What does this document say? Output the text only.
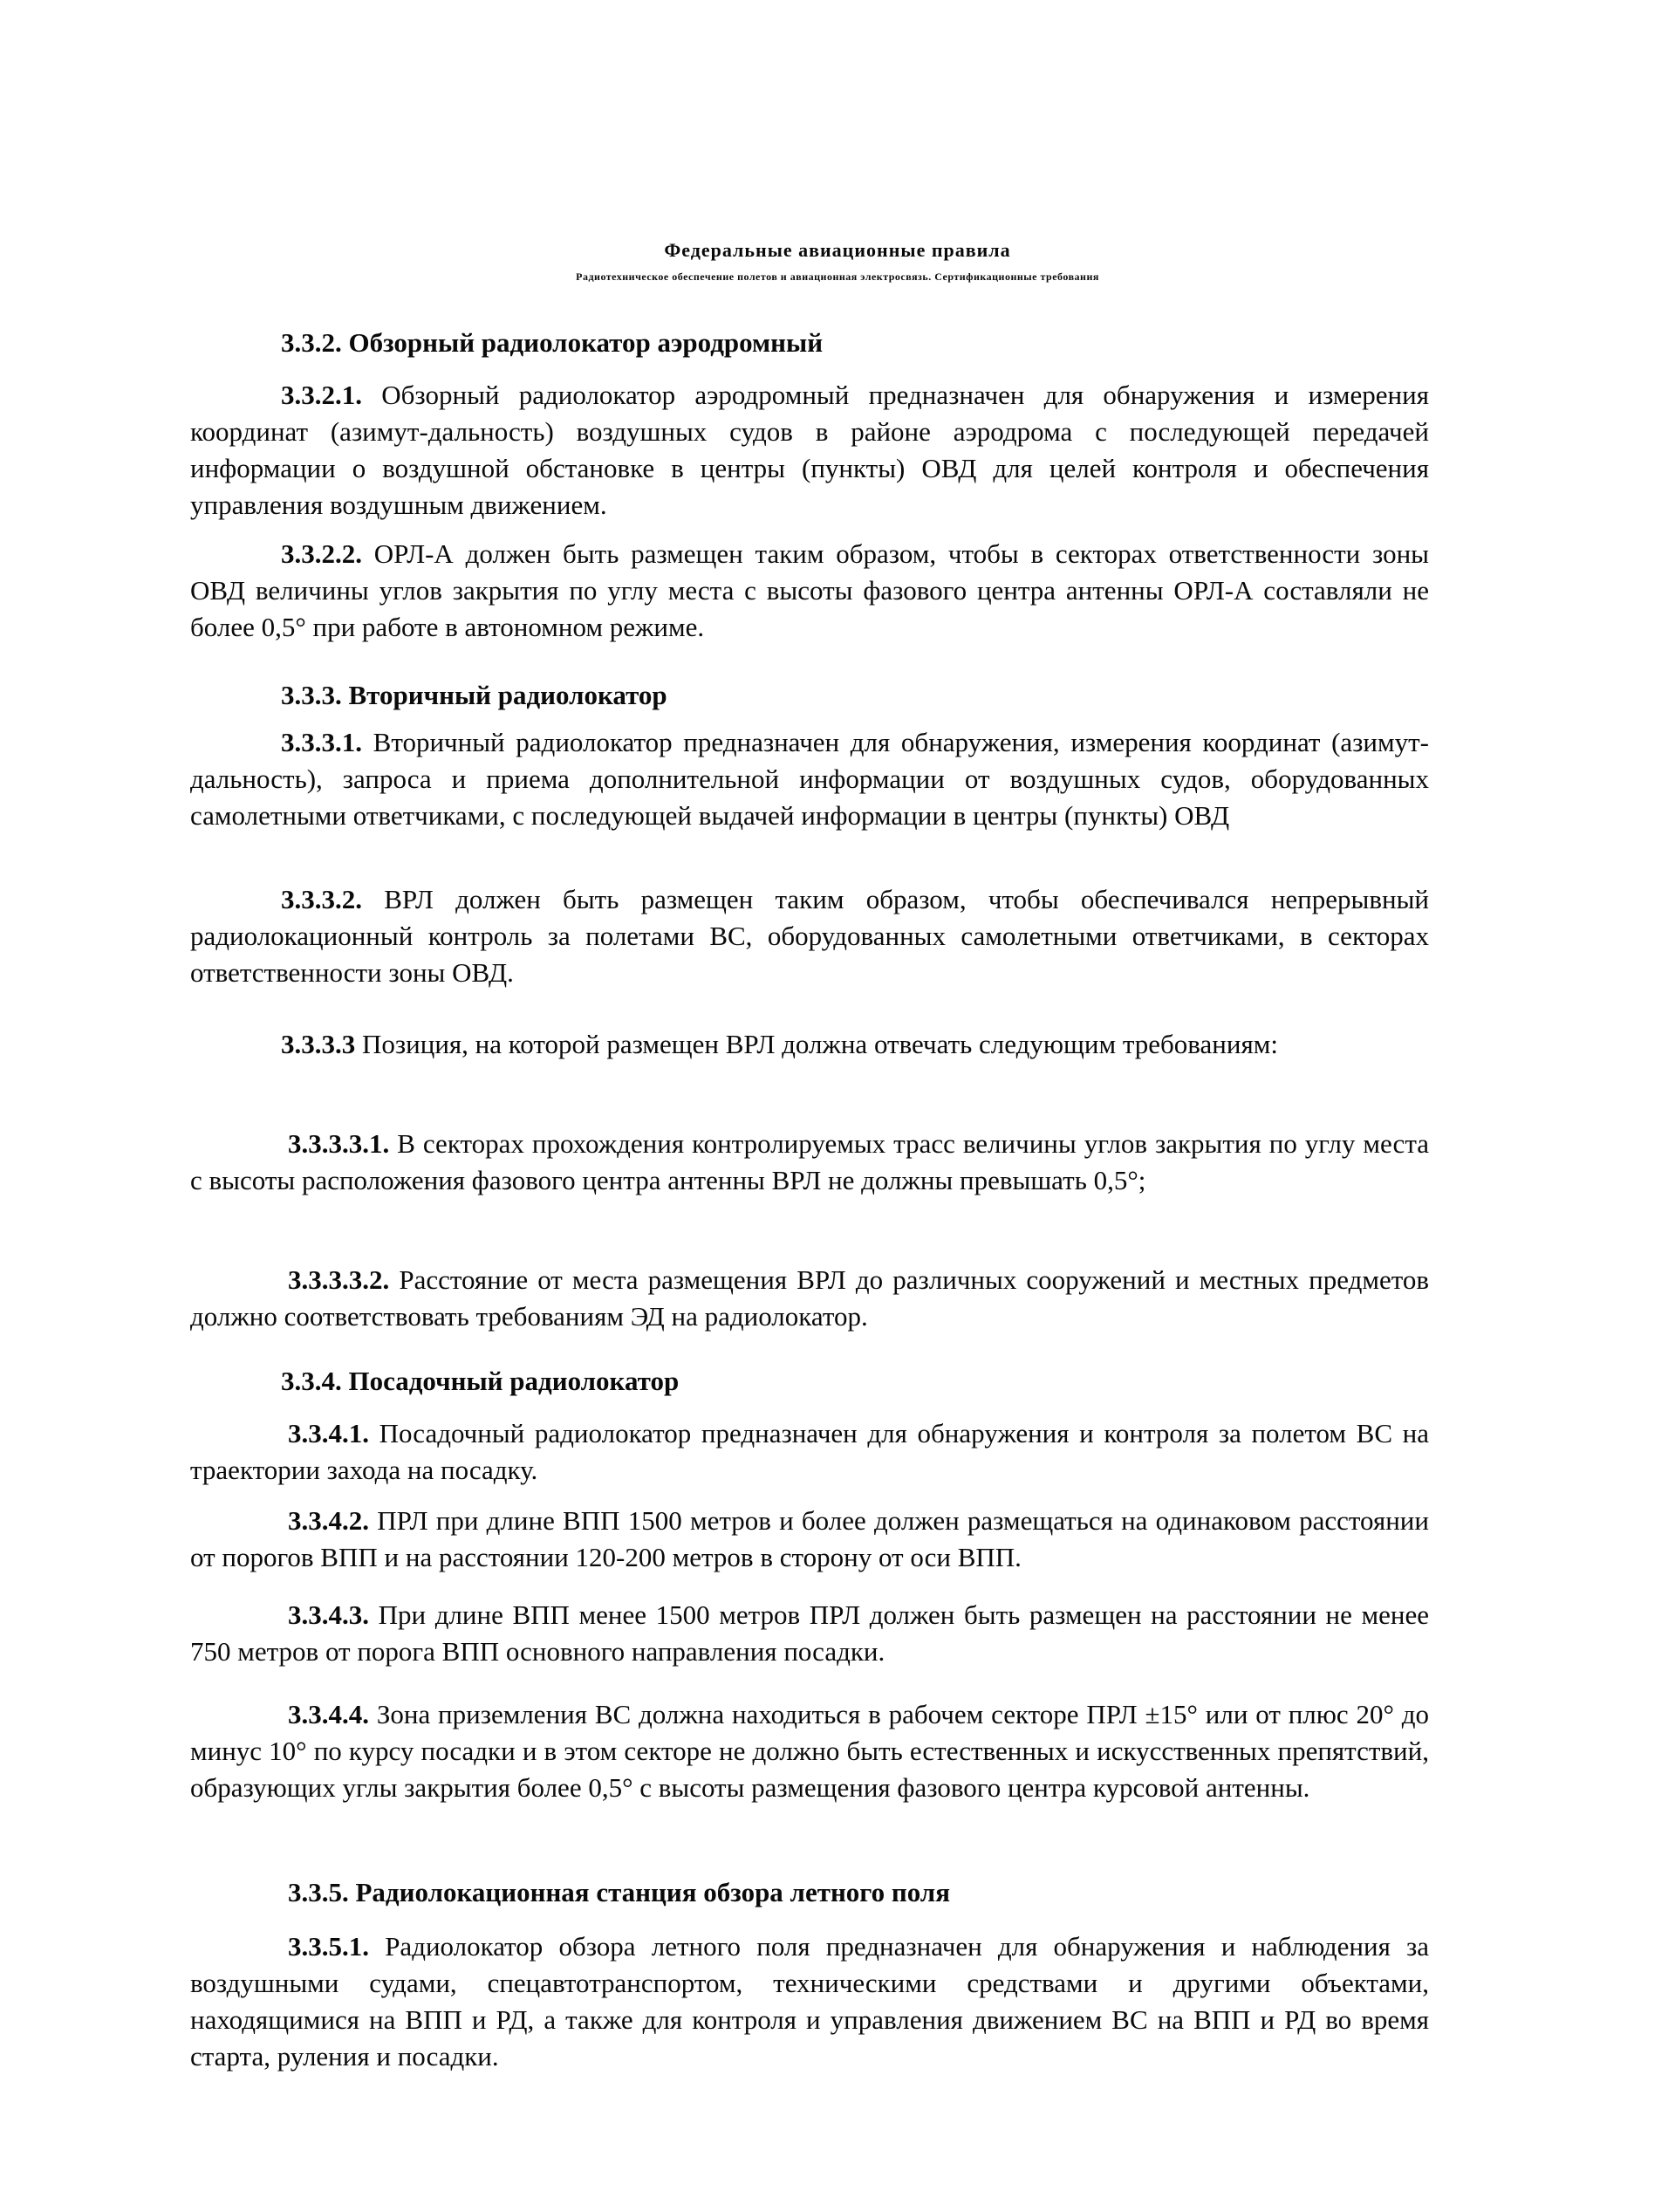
Федеральные авиационные правила
Радиотехническое обеспечение полетов и авиационная электросвязь. Сертификационные требования
3.3.2. Обзорный радиолокатор аэродромный
3.3.2.1. Обзорный радиолокатор аэродромный предназначен для обнаружения и измерения координат (азимут-дальность) воздушных судов в районе аэродрома с последующей передачей информации о воздушной обстановке в центры (пункты) ОВД для целей контроля и обеспечения управления воздушным движением.
3.3.2.2. ОРЛ-А должен быть размещен таким образом, чтобы в секторах ответственности зоны ОВД величины углов закрытия по углу места с высоты фазового центра антенны ОРЛ-А составляли не более 0,5° при работе в автономном режиме.
3.3.3. Вторичный радиолокатор
3.3.3.1. Вторичный радиолокатор предназначен для обнаружения, измерения координат (азимут-дальность), запроса и приема дополнительной информации от воздушных судов, оборудованных самолетными ответчиками, с последующей выдачей информации в центры (пункты) ОВД
3.3.3.2. ВРЛ должен быть размещен таким образом, чтобы обеспечивался непрерывный радиолокационный контроль за полетами ВС, оборудованных самолетными ответчиками, в секторах ответственности зоны ОВД.
3.3.3.3 Позиция, на которой размещен ВРЛ должна отвечать следующим требованиям:
3.3.3.3.1. В секторах прохождения контролируемых трасс величины углов закрытия по углу места с высоты расположения фазового центра антенны ВРЛ не должны превышать 0,5°;
3.3.3.3.2. Расстояние от места размещения ВРЛ до различных сооружений и местных предметов должно соответствовать требованиям ЭД на радиолокатор.
3.3.4. Посадочный радиолокатор
3.3.4.1. Посадочный радиолокатор предназначен для обнаружения и контроля за полетом ВС на траектории захода на посадку.
3.3.4.2. ПРЛ при длине ВПП 1500 метров и более должен размещаться на одинаковом расстоянии от порогов ВПП и на расстоянии 120-200 метров в сторону от оси ВПП.
3.3.4.3. При длине ВПП менее 1500 метров ПРЛ должен быть размещен на расстоянии не менее 750 метров от порога ВПП основного направления посадки.
3.3.4.4. Зона приземления ВС должна находиться в рабочем секторе ПРЛ ±15° или от плюс 20° до минус 10° по курсу посадки и в этом секторе не должно быть естественных и искусственных препятствий, образующих углы закрытия более 0,5° с высоты размещения фазового центра курсовой антенны.
3.3.5. Радиолокационная станция обзора летного поля
3.3.5.1. Радиолокатор обзора летного поля предназначен для обнаружения и наблюдения за воздушными судами, спецавтотранспортом, техническими средствами и другими объектами, находящимися на ВПП и РД, а также для контроля и управления движением ВС на ВПП и РД во время старта, руления и посадки.
